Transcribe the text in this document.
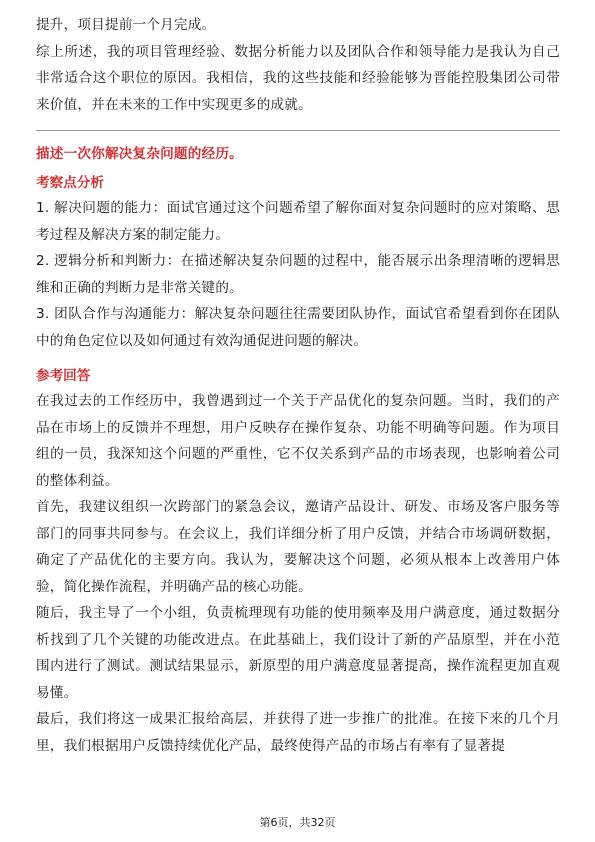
提升，项目提前一个月完成。

综上所述，我的项目管理经验、数据分析能力以及团队合作和领导能力是我认为自己非常适合这个职位的原因。我相信，我的这些技能和经验能够为晋能控股集团公司带来价值，并在未来的工作中实现更多的成就。

描述一次你解决复杂问题的经历。

考察点分析

1. 解决问题的能力：面试官通过这个问题希望了解你面对复杂问题时的应对策略、思考过程及解决方案的制定能力。

2. 逻辑分析和判断力：在描述解决复杂问题的过程中，能否展示出条理清晰的逻辑思维和正确的判断力是非常关键的。

3. 团队合作与沟通能力：解决复杂问题往往需要团队协作，面试官希望看到你在团队中的角色定位以及如何通过有效沟通促进问题的解决。

参考回答

在我过去的工作经历中，我曾遇到过一个关于产品优化的复杂问题。当时，我们的产品在市场上的反馈并不理想，用户反映存在操作复杂、功能不明确等问题。作为项目组的一员，我深知这个问题的严重性，它不仅关系到产品的市场表现，也影响着公司的整体利益。

首先，我建议组织一次跨部门的紧急会议，邀请产品设计、研发、市场及客户服务等部门的同事共同参与。在会议上，我们详细分析了用户反馈，并结合市场调研数据，确定了产品优化的主要方向。我认为，要解决这个问题，必须从根本上改善用户体验，简化操作流程，并明确产品的核心功能。

随后，我主导了一个小组，负责梳理现有功能的使用频率及用户满意度，通过数据分析找到了几个关键的功能改进点。在此基础上，我们设计了新的产品原型，并在小范围内进行了测试。测试结果显示，新原型的用户满意度显著提高，操作流程更加直观易懂。

最后，我们将这一成果汇报给高层，并获得了进一步推广的批准。在接下来的几个月里，我们根据用户反馈持续优化产品，最终使得产品的市场占有率有了显著提

第6页，共32页
